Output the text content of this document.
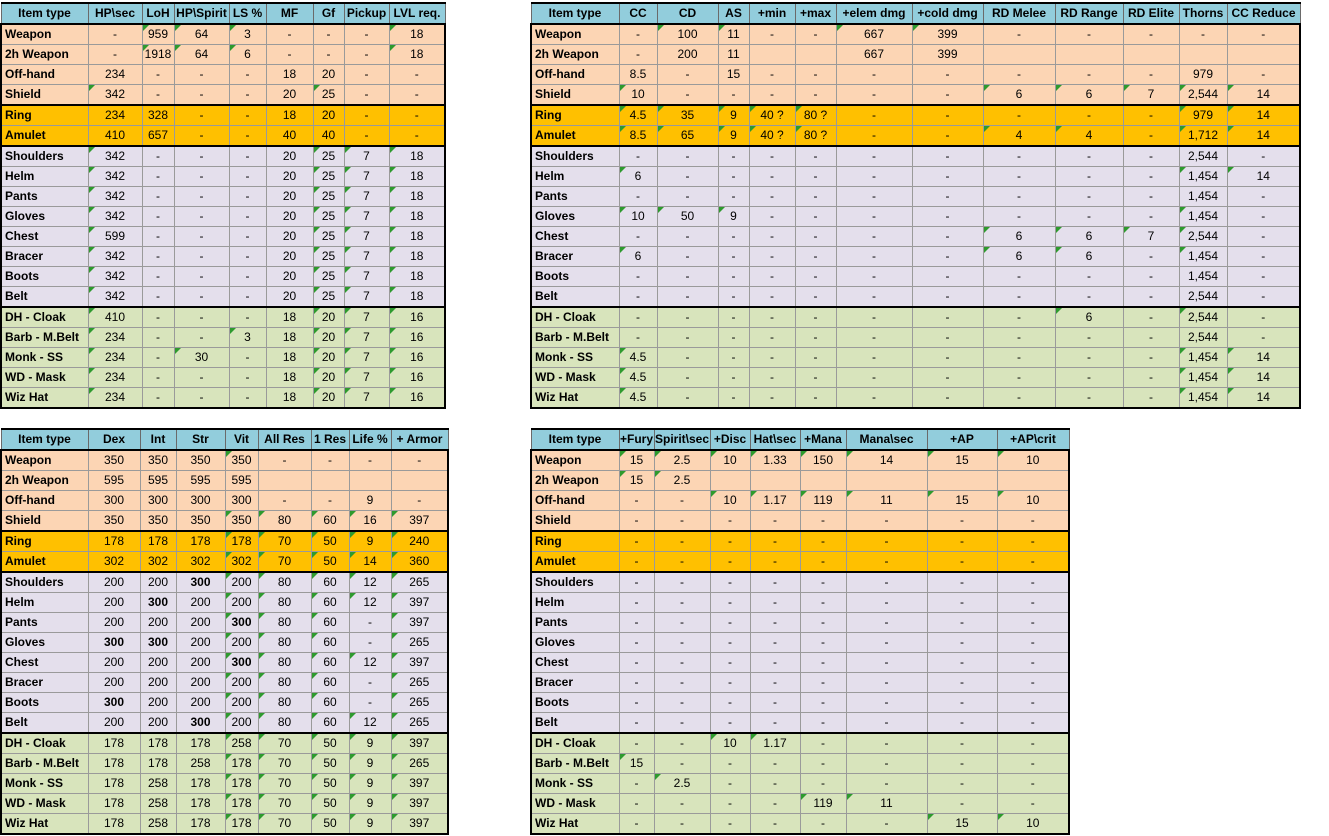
Item type	HP\sec	LoH	HP\Spirit	LS %	MF	Gf	Pickup	LVL req.
Weapon	-	959	64	3	-	-	-	18
2h Weapon	-	1918	64	6	-	-	-	18
Off-hand	234	-	-	-	18	20	-	-
Shield	342	-	-	-	20	25	-	-
Ring	234	328	-	-	18	20	-	-
Amulet	410	657	-	-	40	40	-	-
Shoulders	342	-	-	-	20	25	7	18
Helm	342	-	-	-	20	25	7	18
Pants	342	-	-	-	20	25	7	18
Gloves	342	-	-	-	20	25	7	18
Chest	599	-	-	-	20	25	7	18
Bracer	342	-	-	-	20	25	7	18
Boots	342	-	-	-	20	25	7	18
Belt	342	-	-	-	20	25	7	18
DH - Cloak	410	-	-	-	18	20	7	16
Barb - M.Belt	234	-	-	3	18	20	7	16
Monk - SS	234	-	30	-	18	20	7	16
WD - Mask	234	-	-	-	18	20	7	16
Wiz Hat	234	-	-	-	18	20	7	16
Item type	CC	CD	AS	+min	+max	+elem dmg	+cold dmg	RD Melee	RD Range	RD Elite	Thorns	CC Reduce
Weapon	-	100	11	-	-	667	399	-	-	-	-	-
2h Weapon	-	200	11			667	399					
Off-hand	8.5	-	15	-	-	-	-	-	-	-	979	-
Shield	10	-	-	-	-	-	-	6	6	7	2,544	14
Ring	4.5	35	9	40 ?	80 ?	-	-	-	-	-	979	14
Amulet	8.5	65	9	40 ?	80 ?	-	-	4	4	-	1,712	14
Shoulders	-	-	-	-	-	-	-	-	-	-	2,544	-
Helm	6	-	-	-	-	-	-	-	-	-	1,454	14
Pants	-	-	-	-	-	-	-	-	-	-	1,454	-
Gloves	10	50	9	-	-	-	-	-	-	-	1,454	-
Chest	-	-	-	-	-	-	-	6	6	7	2,544	-
Bracer	6	-	-	-	-	-	-	6	6	-	1,454	-
Boots	-	-	-	-	-	-	-	-	-	-	1,454	-
Belt	-	-	-	-	-	-	-	-	-	-	2,544	-
DH - Cloak	-	-	-	-	-	-	-	-	6	-	2,544	-
Barb - M.Belt	-	-	-	-	-	-	-	-	-	-	2,544	-
Monk - SS	4.5	-	-	-	-	-	-	-	-	-	1,454	14
WD - Mask	4.5	-	-	-	-	-	-	-	-	-	1,454	14
Wiz Hat	4.5	-	-	-	-	-	-	-	-	-	1,454	14
Item type	Dex	Int	Str	Vit	All Res	1 Res	Life %	+ Armor
Weapon	350	350	350	350	-	-	-	-
2h Weapon	595	595	595	595				
Off-hand	300	300	300	300	-	-	9	-
Shield	350	350	350	350	80	60	16	397
Ring	178	178	178	178	70	50	9	240
Amulet	302	302	302	302	70	50	14	360
Shoulders	200	200	300	200	80	60	12	265
Helm	200	300	200	200	80	60	12	397
Pants	200	200	200	300	80	60	-	397
Gloves	300	300	200	200	80	60	-	265
Chest	200	200	200	300	80	60	12	397
Bracer	200	200	200	200	80	60	-	265
Boots	300	200	200	200	80	60	-	265
Belt	200	200	300	200	80	60	12	265
DH - Cloak	178	178	178	258	70	50	9	397
Barb - M.Belt	178	178	258	178	70	50	9	265
Monk - SS	178	258	178	178	70	50	9	397
WD - Mask	178	258	178	178	70	50	9	397
Wiz Hat	178	258	178	178	70	50	9	397
Item type	+Fury	Spirit\sec	+Disc	Hat\sec	+Mana	Mana\sec	+AP	+AP\crit
Weapon	15	2.5	10	1.33	150	14	15	10
2h Weapon	15	2.5						
Off-hand	-	-	10	1.17	119	11	15	10
Shield	-	-	-	-	-	-	-	-
Ring	-	-	-	-	-	-	-	-
Amulet	-	-	-	-	-	-	-	-
Shoulders	-	-	-	-	-	-	-	-
Helm	-	-	-	-	-	-	-	-
Pants	-	-	-	-	-	-	-	-
Gloves	-	-	-	-	-	-	-	-
Chest	-	-	-	-	-	-	-	-
Bracer	-	-	-	-	-	-	-	-
Boots	-	-	-	-	-	-	-	-
Belt	-	-	-	-	-	-	-	-
DH - Cloak	-	-	10	1.17	-	-	-	-
Barb - M.Belt	15	-	-	-	-	-	-	-
Monk - SS	-	2.5	-	-	-	-	-	-
WD - Mask	-	-	-	-	119	11	-	-
Wiz Hat	-	-	-	-	-	-	15	10
